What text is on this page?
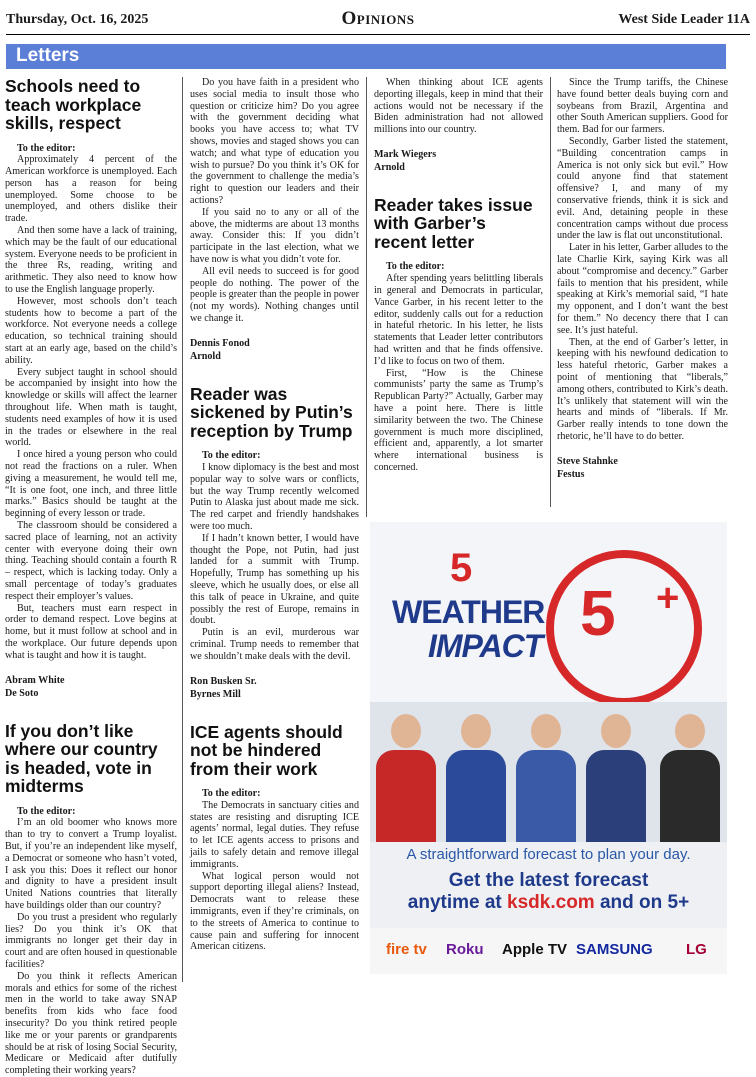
Thursday, Oct. 16, 2025	Opinions	West Side Leader 11A
Letters
Schools need to teach workplace skills, respect

To the editor:

Approximately 4 percent of the American workforce is unemployed. Each person has a reason for being unemployed. Some choose to be unemployed, and others dislike their trade.

And then some have a lack of training, which may be the fault of our educational system. Everyone needs to be proficient in the three Rs, reading, writing and arithmetic. They also need to know how to use the English language properly.

However, most schools don’t teach students how to become a part of the workforce. Not everyone needs a college education, so technical training should start at an early age, based on the child’s ability.

Every subject taught in school should be accompanied by insight into how the knowledge or skills will affect the learner throughout life. When math is taught, students need examples of how it is used in the trades or elsewhere in the real world.

I once hired a young person who could not read the fractions on a ruler. When giving a measurement, he would tell me, “It is one foot, one inch, and three little marks.” Basics should be taught at the beginning of every lesson or trade.

The classroom should be considered a sacred place of learning, not an activity center with everyone doing their own thing. Teaching should contain a fourth R – respect, which is lacking today. Only a small percentage of today’s graduates respect their employer’s values.

But, teachers must earn respect in order to demand respect. Love begins at home, but it must follow at school and in the workplace. Our future depends upon what is taught and how it is taught.

Abram White
De Soto

If you don’t like where our country is headed, vote in midterms

To the editor:

I’m an old boomer who knows more than to try to convert a Trump loyalist. But, if you’re an independent like myself, a Democrat or someone who hasn’t voted, I ask you this: Does it reflect our honor and dignity to have a president insult United Nations countries that literally have buildings older than our country?

Do you trust a president who regularly lies? Do you think it’s OK that immigrants no longer get their day in court and are often housed in questionable facilities?

Do you think it reflects American morals and ethics for some of the richest men in the world to take away SNAP benefits from kids who face food insecurity? Do you think retired people like me or your parents or grandparents should be at risk of losing Social Security, Medicare or Medicaid after dutifully completing their working years?

Do you have faith in a president who uses social media to insult those who question or criticize him? Do you agree with the government deciding what books you have access to; what TV shows, movies and staged shows you can watch; and what type of education you wish to pursue? Do you think it’s OK for the government to challenge the media’s right to question our leaders and their actions?

If you said no to any or all of the above, the midterms are about 13 months away. Consider this: If you didn’t participate in the last election, what we have now is what you didn’t vote for.

All evil needs to succeed is for good people do nothing. The power of the people is greater than the people in power (not my words). Nothing changes until we change it.

Dennis Fonod
Arnold

Reader was sickened by Putin’s reception by Trump

To the editor:

I know diplomacy is the best and most popular way to solve wars or conflicts, but the way Trump recently welcomed Putin to Alaska just about made me sick. The red carpet and friendly handshakes were too much.

If I hadn’t known better, I would have thought the Pope, not Putin, had just landed for a summit with Trump. Hopefully, Trump has something up his sleeve, which he usually does, or else all this talk of peace in Ukraine, and quite possibly the rest of Europe, remains in doubt.

Putin is an evil, murderous war criminal. Trump needs to remember that we shouldn’t make deals with the devil.

Ron Busken Sr.
Byrnes Mill

ICE agents should not be hindered from their work

To the editor:

The Democrats in sanctuary cities and states are resisting and disrupting ICE agents’ normal, legal duties. They refuse to let ICE agents access to prisons and jails to safely detain and remove illegal immigrants.

What logical person would not support deporting illegal aliens? Instead, Democrats want to release these immigrants, even if they’re criminals, on to the streets of America to continue to cause pain and suffering for innocent American citizens.

When thinking about ICE agents deporting illegals, keep in mind that their actions would not be necessary if the Biden administration had not allowed millions into our country.

Mark Wiegers
Arnold

Reader takes issue with Garber’s recent letter

To the editor:

After spending years belittling liberals in general and Democrats in particular, Vance Garber, in his recent letter to the editor, suddenly calls out for a reduction in hateful rhetoric. In his letter, he lists statements that Leader letter contributors had written and that he finds offensive. I’d like to focus on two of them.

First, “How is the Chinese communists’ party the same as Trump’s Republican Party?” Actually, Garber may have a point here. There is little similarity between the two. The Chinese government is much more disciplined, efficient and, apparently, a lot smarter where international business is concerned.

Since the Trump tariffs, the Chinese have found better deals buying corn and soybeans from Brazil, Argentina and other South American suppliers. Good for them. Bad for our farmers.

Secondly, Garber listed the statement, “Building concentration camps in America is not only sick but evil.” How could anyone find that statement offensive? I, and many of my conservative friends, think it is sick and evil. And, detaining people in these concentration camps without due process under the law is flat out unconstitutional.

Later in his letter, Garber alludes to the late Charlie Kirk, saying Kirk was all about “compromise and decency.” Garber fails to mention that his president, while speaking at Kirk’s memorial said, “I hate my opponent, and I don’t want the best for them.” No decency there that I can see. It’s just hateful.

Then, at the end of Garber’s letter, in keeping with his newfound dedication to less hateful rhetoric, Garber makes a point of mentioning that “liberals,” among others, contributed to Kirk’s death. It’s unlikely that statement will win the hearts and minds of “liberals. If Mr. Garber really intends to tone down the rhetoric, he’ll have to do better.

Steve Stahnke
Festus

5
WEATHER
IMPACT 5 +
A straightforward forecast to plan your day.
Get the latest forecast
anytime at ksdk.com and on 5+
fire tv Roku Apple TV SAMSUNG LG
